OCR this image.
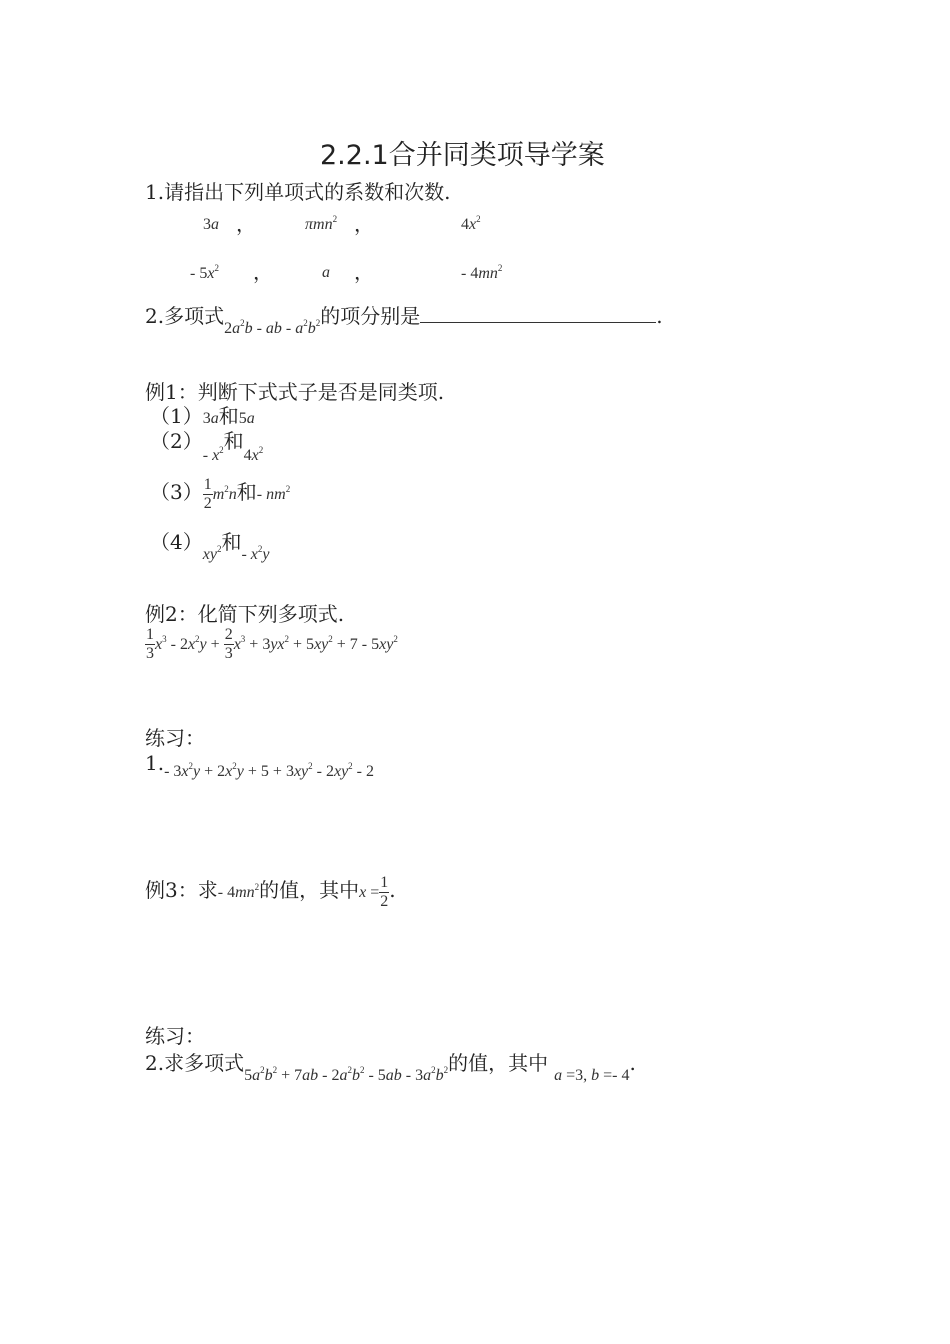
2.2.1合并同类项导学案
1.请指出下列单项式的系数和次数.
3a ，	πmn$^2$ ，	$4x^2$
- $5x^2$ ，	a ，	- $4mn^2$
2.多项式$2a^2b$ - ab - $a^2b^2$的项分别是	.
例1：判断下式式子是否是同类项.
（1）3a和5a
（2）- $x^2$和$4x^2$
$(3) \frac{1}{2} m^2n$和- $nm^2$
$(4)xy^2$和- $x^2y$
例2：化简下列多项式.
$\frac{1}{3} x^3 - 2x^2y + \frac{2}{3} x^3 + 3yx^2 + 5xy^2 + 7 - 5xy^2$
练习：
1.- $3x^2y + 2x^2y + 5 + 3xy^2 - 2xy^2 - 2$
例3：求- $4mn^2$的值，其中$x = \frac{1}{2}$ .
练习：
2.求多项式$5a^2b^2 + 7ab - 2a^2b^2 - 5ab - 3a^2b^2$的值，其中a =3, b =- 4.
